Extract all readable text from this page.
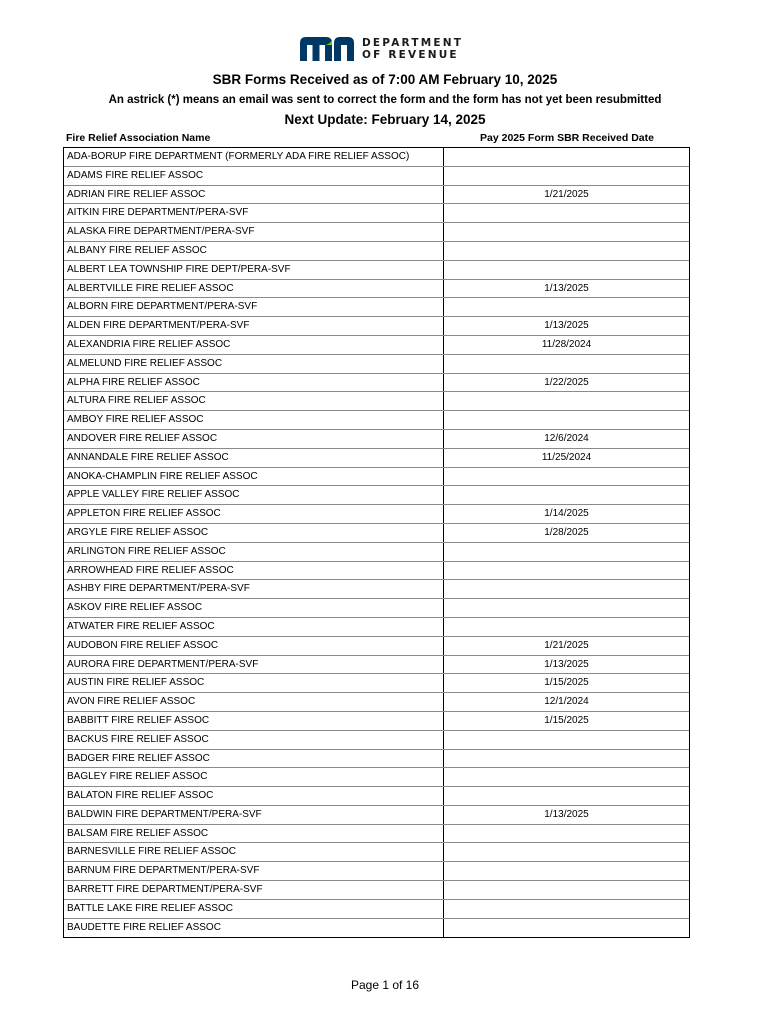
DEPARTMENT
OF REVENUE
SBR Forms Received as of 7:00 AM February 10, 2025
An astrick (*) means an email was sent to correct the form and the form has not yet been resubmitted
Next Update: February 14, 2025
Fire Relief Association Name	Pay 2025 Form SBR Received Date
ADA-BORUP FIRE DEPARTMENT (FORMERLY ADA FIRE RELIEF ASSOC)
ADAMS FIRE RELIEF ASSOC
ADRIAN FIRE RELIEF ASSOC	1/21/2025
AITKIN FIRE DEPARTMENT/PERA-SVF
ALASKA FIRE DEPARTMENT/PERA-SVF
ALBANY FIRE RELIEF ASSOC
ALBERT LEA TOWNSHIP FIRE DEPT/PERA-SVF
ALBERTVILLE FIRE RELIEF ASSOC	1/13/2025
ALBORN FIRE DEPARTMENT/PERA-SVF
ALDEN FIRE DEPARTMENT/PERA-SVF	1/13/2025
ALEXANDRIA FIRE RELIEF ASSOC	11/28/2024
ALMELUND FIRE RELIEF ASSOC
ALPHA FIRE RELIEF ASSOC	1/22/2025
ALTURA FIRE RELIEF ASSOC
AMBOY FIRE RELIEF ASSOC
ANDOVER FIRE RELIEF ASSOC	12/6/2024
ANNANDALE FIRE RELIEF ASSOC	11/25/2024
ANOKA-CHAMPLIN FIRE RELIEF ASSOC
APPLE VALLEY FIRE RELIEF ASSOC
APPLETON FIRE RELIEF ASSOC	1/14/2025
ARGYLE FIRE RELIEF ASSOC	1/28/2025
ARLINGTON FIRE RELIEF ASSOC
ARROWHEAD FIRE RELIEF ASSOC
ASHBY FIRE DEPARTMENT/PERA-SVF
ASKOV FIRE RELIEF ASSOC
ATWATER FIRE RELIEF ASSOC
AUDOBON FIRE RELIEF ASSOC	1/21/2025
AURORA FIRE DEPARTMENT/PERA-SVF	1/13/2025
AUSTIN FIRE RELIEF ASSOC	1/15/2025
AVON FIRE RELIEF ASSOC	12/1/2024
BABBITT FIRE RELIEF ASSOC	1/15/2025
BACKUS FIRE RELIEF ASSOC
BADGER FIRE RELIEF ASSOC
BAGLEY FIRE RELIEF ASSOC
BALATON FIRE RELIEF ASSOC
BALDWIN FIRE DEPARTMENT/PERA-SVF	1/13/2025
BALSAM FIRE RELIEF ASSOC
BARNESVILLE FIRE RELIEF ASSOC
BARNUM FIRE DEPARTMENT/PERA-SVF
BARRETT FIRE DEPARTMENT/PERA-SVF
BATTLE LAKE FIRE RELIEF ASSOC
BAUDETTE FIRE RELIEF ASSOC
Page 1 of 16
